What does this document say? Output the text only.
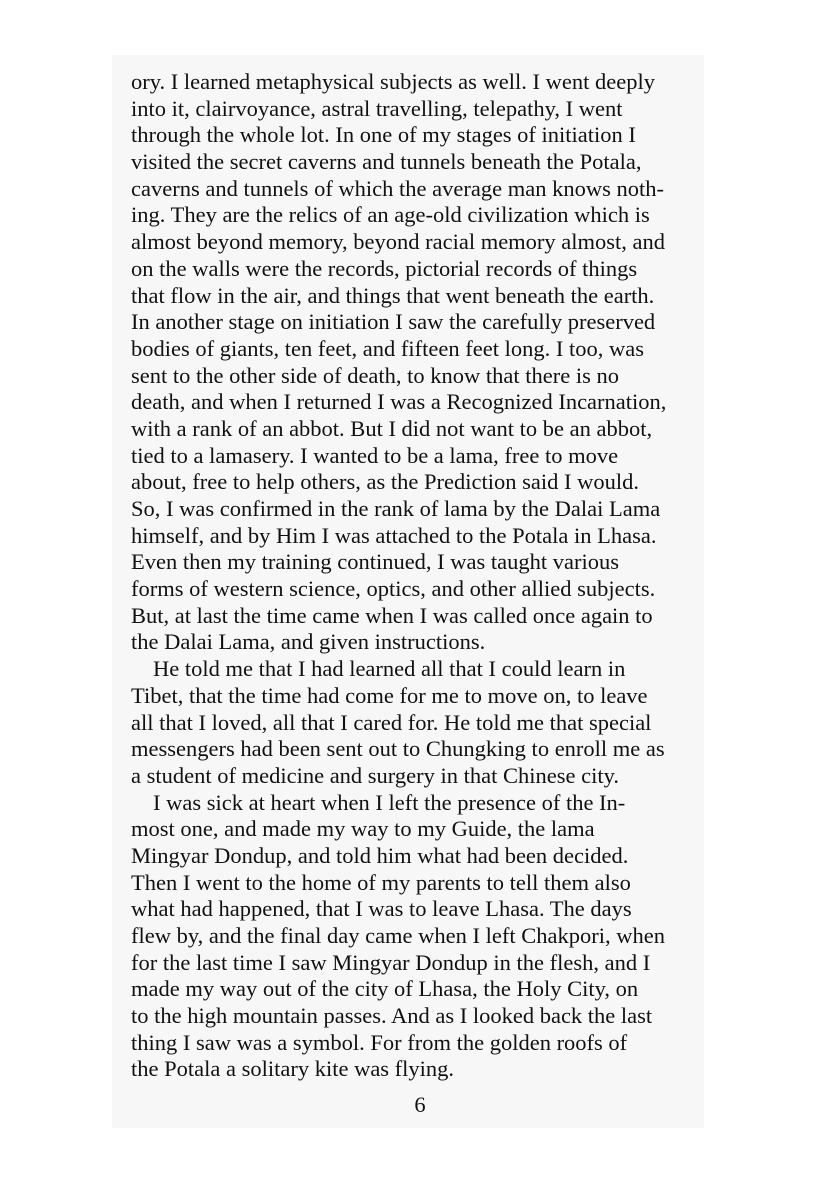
ory. I learned metaphysical subjects as well. I went deeply
into it, clairvoyance, astral travelling, telepathy, I went
through the whole lot. In one of my stages of initiation I
visited the secret caverns and tunnels beneath the Potala,
caverns and tunnels of which the average man knows noth-
ing. They are the relics of an age-old civilization which is
almost beyond memory, beyond racial memory almost, and
on the walls were the records, pictorial records of things
that flow in the air, and things that went beneath the earth.
In another stage on initiation I saw the carefully preserved
bodies of giants, ten feet, and fifteen feet long. I too, was
sent to the other side of death, to know that there is no
death, and when I returned I was a Recognized Incarnation,
with a rank of an abbot. But I did not want to be an abbot,
tied to a lamasery. I wanted to be a lama, free to move
about, free to help others, as the Prediction said I would.
So, I was confirmed in the rank of lama by the Dalai Lama
himself, and by Him I was attached to the Potala in Lhasa.
Even then my training continued, I was taught various
forms of western science, optics, and other allied subjects.
But, at last the time came when I was called once again to
the Dalai Lama, and given instructions.
He told me that I had learned all that I could learn in
Tibet, that the time had come for me to move on, to leave
all that I loved, all that I cared for. He told me that special
messengers had been sent out to Chungking to enroll me as
a student of medicine and surgery in that Chinese city.
I was sick at heart when I left the presence of the In-
most one, and made my way to my Guide, the lama
Mingyar Dondup, and told him what had been decided.
Then I went to the home of my parents to tell them also
what had happened, that I was to leave Lhasa. The days
flew by, and the final day came when I left Chakpori, when
for the last time I saw Mingyar Dondup in the flesh, and I
made my way out of the city of Lhasa, the Holy City, on
to the high mountain passes. And as I looked back the last
thing I saw was a symbol. For from the golden roofs of
the Potala a solitary kite was flying.
6
